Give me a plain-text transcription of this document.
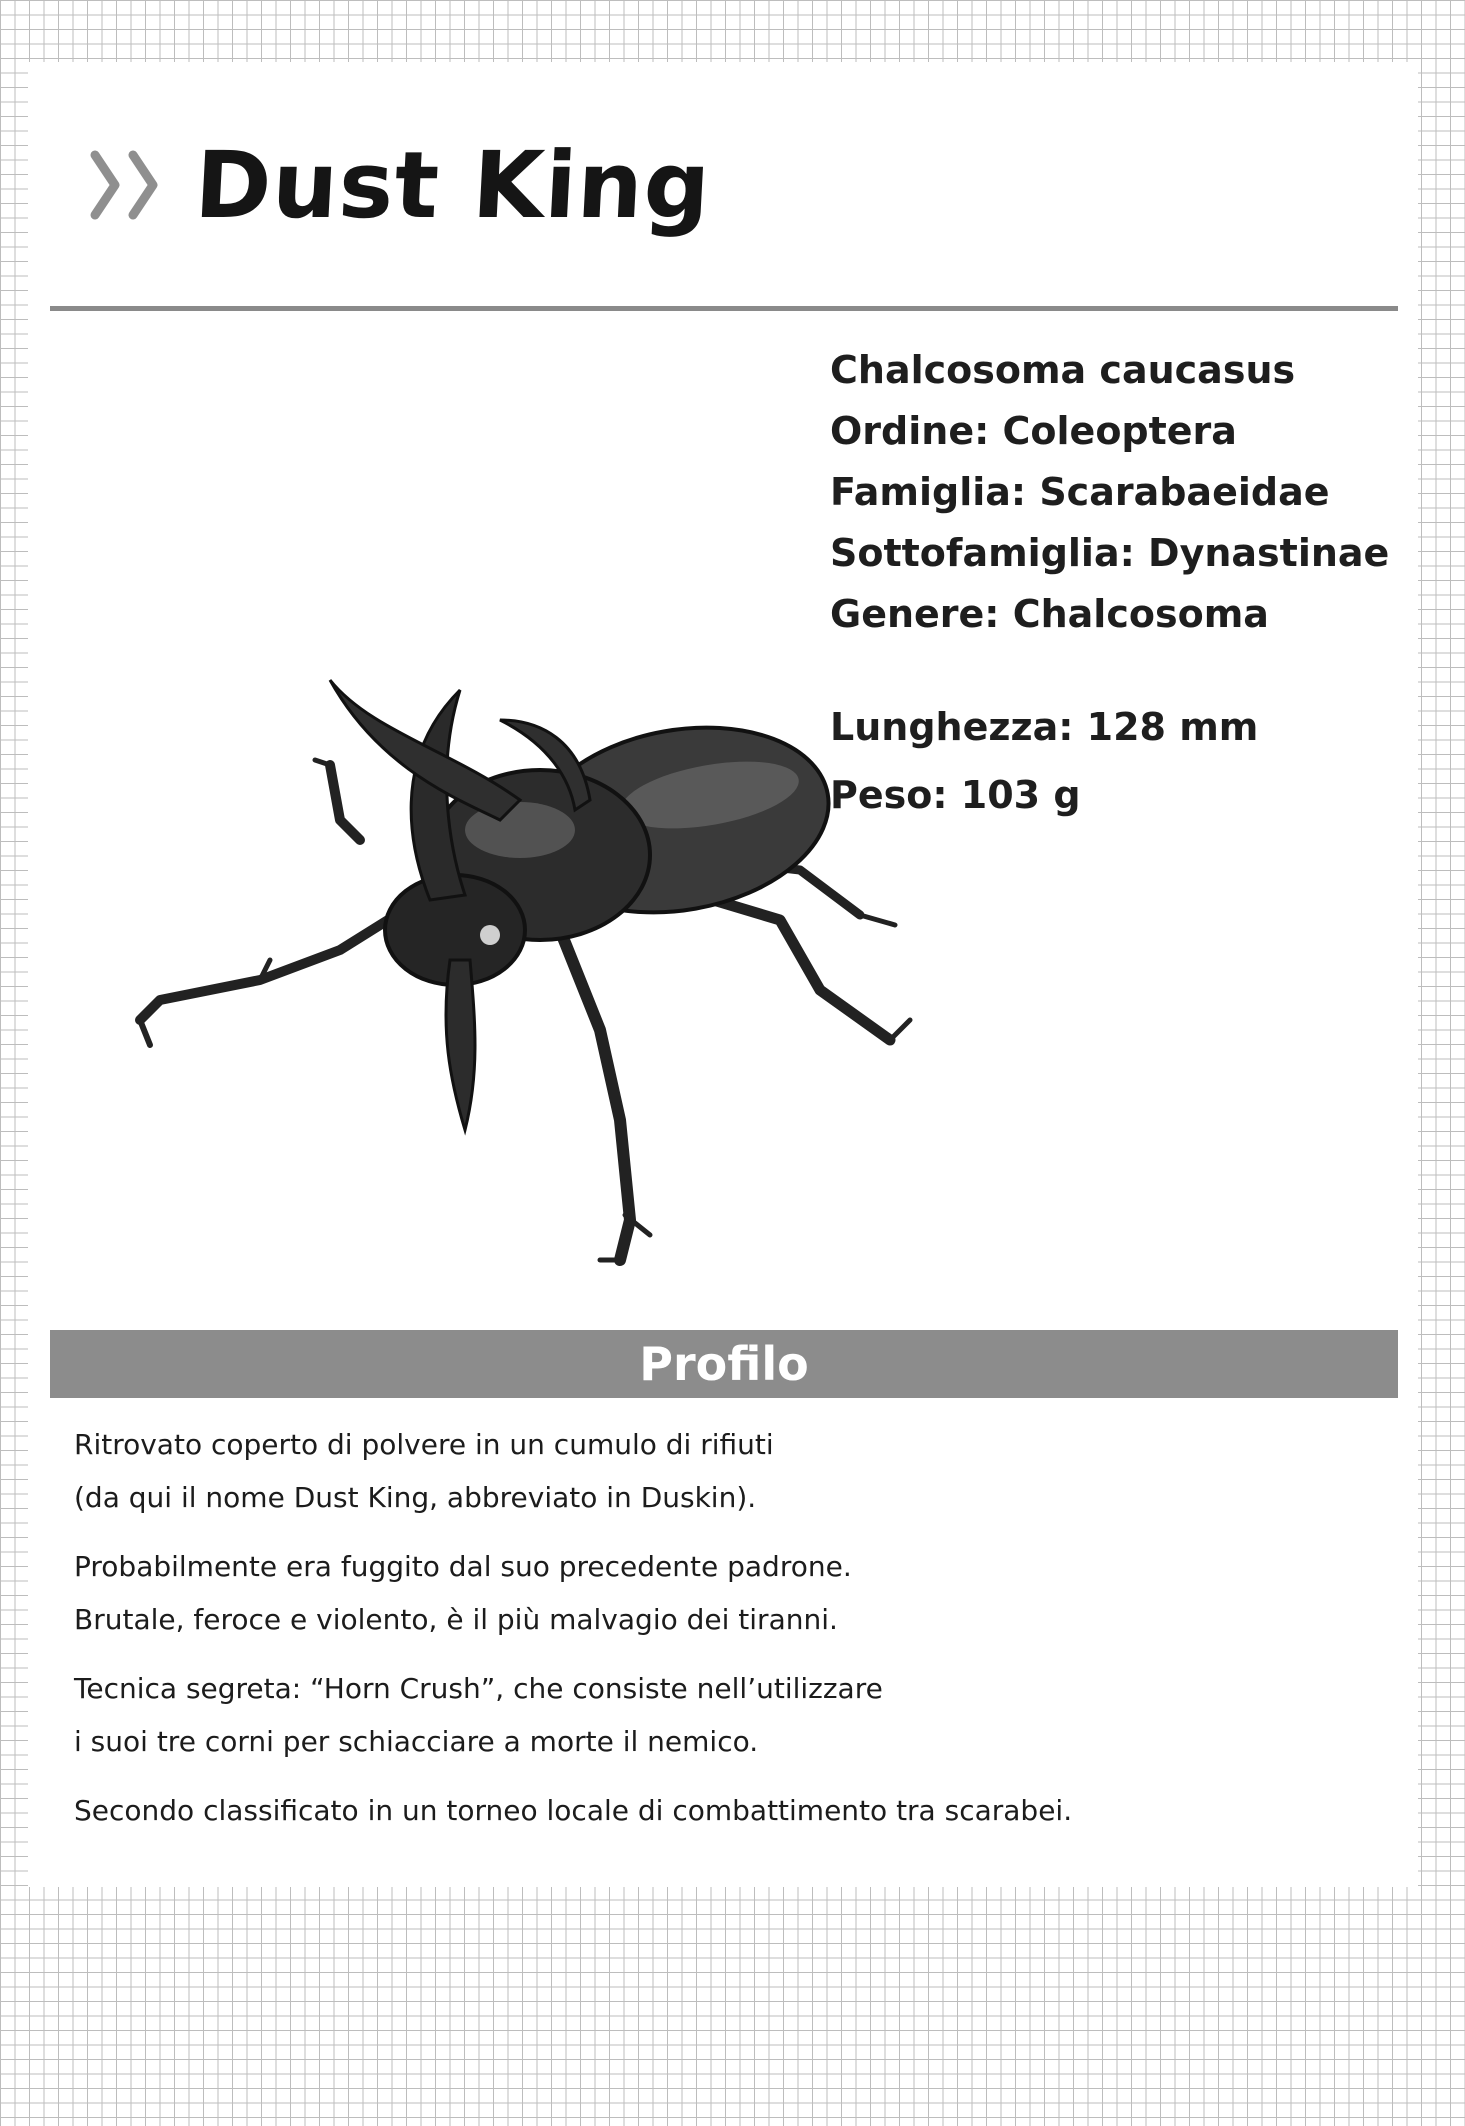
Dust King
Chalcosoma caucasus
Ordine: Coleoptera
Famiglia: Scarabaeidae
Sottofamiglia: Dynastinae
Genere: Chalcosoma
Lunghezza: 128 mm
Peso: 103 g
Profilo
Ritrovato coperto di polvere in un cumulo di rifiuti
(da qui il nome Dust King, abbreviato in Duskin).
Probabilmente era fuggito dal suo precedente padrone.
Brutale, feroce e violento, è il più malvagio dei tiranni.
Tecnica segreta: “Horn Crush”, che consiste nell’utilizzare
i suoi tre corni per schiacciare a morte il nemico.
Secondo classificato in un torneo locale di combattimento tra scarabei.
